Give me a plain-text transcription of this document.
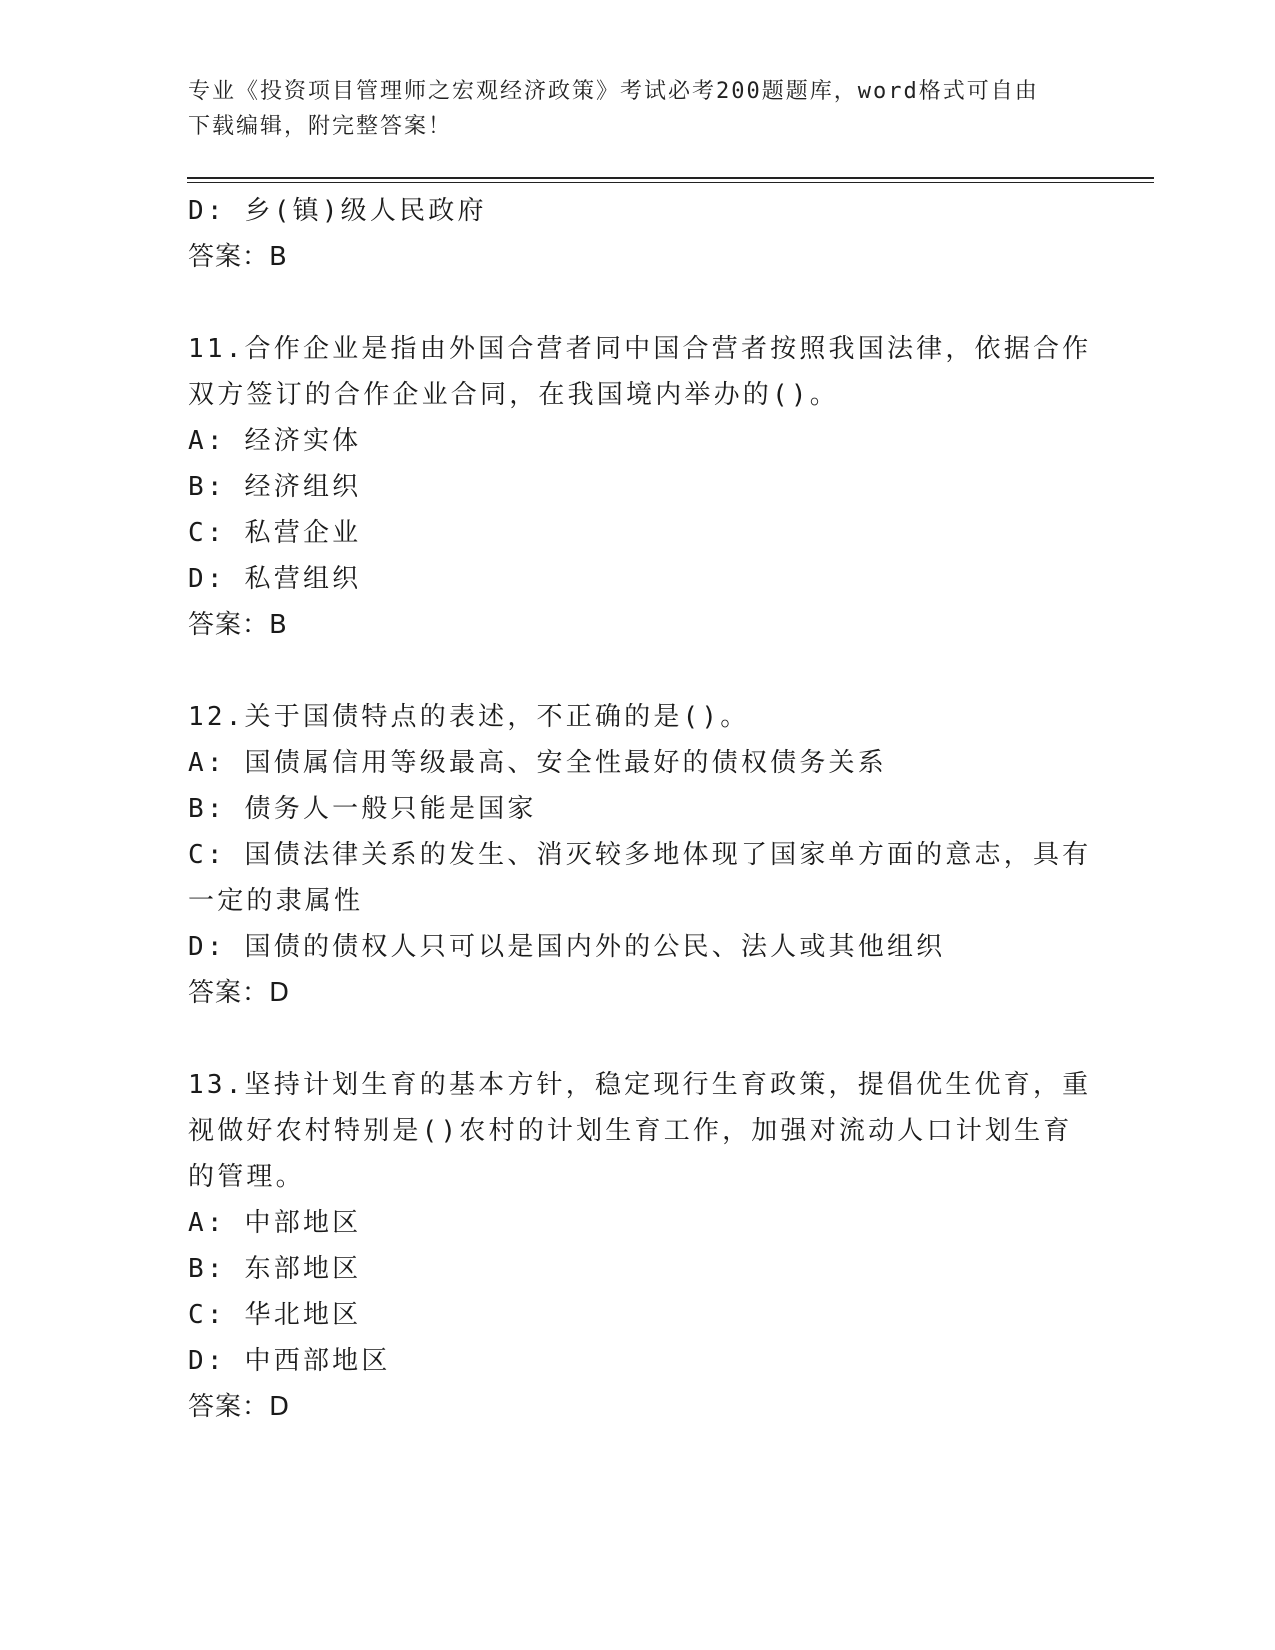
专业《投资项目管理师之宏观经济政策》考试必考200题题库，word格式可自由
下载编辑，附完整答案！
D: 乡(镇)级人民政府
答案：B
11.合作企业是指由外国合营者同中国合营者按照我国法律，依据合作
双方签订的合作企业合同，在我国境内举办的()。
A: 经济实体
B: 经济组织
C: 私营企业
D: 私营组织
答案：B
12.关于国债特点的表述，不正确的是()。
A: 国债属信用等级最高、安全性最好的债权债务关系
B: 债务人一般只能是国家
C: 国债法律关系的发生、消灭较多地体现了国家单方面的意志，具有
一定的隶属性
D: 国债的债权人只可以是国内外的公民、法人或其他组织
答案：D
13.坚持计划生育的基本方针，稳定现行生育政策，提倡优生优育，重
视做好农村特别是()农村的计划生育工作，加强对流动人口计划生育
的管理。
A: 中部地区
B: 东部地区
C: 华北地区
D: 中西部地区
答案：D
